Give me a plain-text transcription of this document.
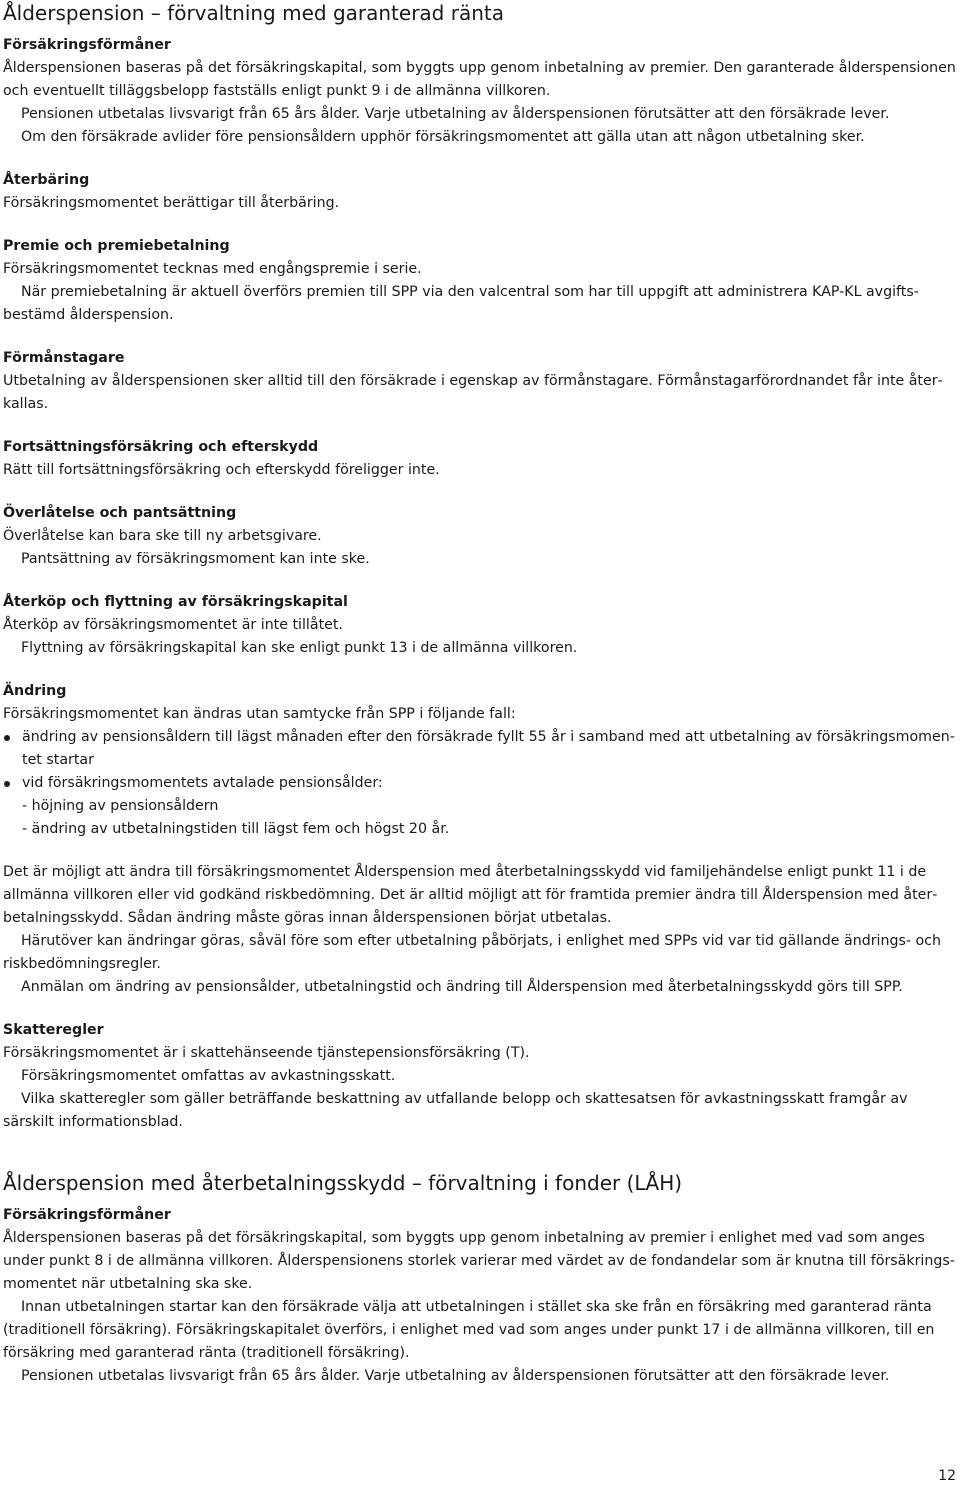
Ålderspension – förvaltning med garanterad ränta
Försäkringsförmåner

Ålderspensionen baseras på det försäkringskapital, som byggts upp genom inbetalning av premier. Den garanterade ålderspensionen och eventuellt tilläggsbelopp fastställs enligt punkt 9 i de allmänna villkoren.

Pensionen utbetalas livsvarigt från 65 års ålder. Varje utbetalning av ålderspensionen förutsätter att den försäkrade lever.

Om den försäkrade avlider före pensionsåldern upphör försäkringsmomentet att gälla utan att någon utbetalning sker.

Återbäring

Försäkringsmomentet berättigar till återbäring.

Premie och premiebetalning

Försäkringsmomentet tecknas med engångspremie i serie.

När premiebetalning är aktuell överförs premien till SPP via den valcentral som har till uppgift att administrera KAP-KL avgiftsbestämd ålderspension.

Förmånstagare

Utbetalning av ålderspensionen sker alltid till den försäkrade i egenskap av förmånstagare. Förmånstagarförordnandet får inte återkallas.

Fortsättningsförsäkring och efterskydd

Rätt till fortsättningsförsäkring och efterskydd föreligger inte.

Överlåtelse och pantsättning

Överlåtelse kan bara ske till ny arbetsgivare.

Pantsättning av försäkringsmoment kan inte ske.

Återköp och flyttning av försäkringskapital

Återköp av försäkringsmomentet är inte tillåtet.

Flyttning av försäkringskapital kan ske enligt punkt 13 i de allmänna villkoren.

Ändring

Försäkringsmomentet kan ändras utan samtycke från SPP i följande fall:

ändring av pensionsåldern till lägst månaden efter den försäkrade fyllt 55 år i samband med att utbetalning av försäkringsmomentet startar
vid försäkringsmomentets avtalade pensionsålder:

- höjning av pensionsåldern

- ändring av utbetalningstiden till lägst fem och högst 20 år.

Det är möjligt att ändra till försäkringsmomentet Ålderspension med återbetalningsskydd vid familjehändelse enligt punkt 11 i de allmänna villkoren eller vid godkänd riskbedömning. Det är alltid möjligt att för framtida premier ändra till Ålderspension med återbetalningsskydd. Sådan ändring måste göras innan ålderspensionen börjat utbetalas.

Härutöver kan ändringar göras, såväl före som efter utbetalning påbörjats, i enlighet med SPPs vid var tid gällande ändrings- och riskbedömningsregler.

Anmälan om ändring av pensionsålder, utbetalningstid och ändring till Ålderspension med återbetalningsskydd görs till SPP.

Skatteregler

Försäkringsmomentet är i skattehänseende tjänstepensionsförsäkring (T).

Försäkringsmomentet omfattas av avkastningsskatt.

Vilka skatteregler som gäller beträffande beskattning av utfallande belopp och skattesatsen för avkastningsskatt framgår av särskilt informationsblad.

Ålderspension med återbetalningsskydd – förvaltning i fonder (LÅH)
Försäkringsförmåner

Ålderspensionen baseras på det försäkringskapital, som byggts upp genom inbetalning av premier i enlighet med vad som anges under punkt 8 i de allmänna villkoren. Ålderspensionens storlek varierar med värdet av de fondandelar som är knutna till försäkringsmomentet när utbetalning ska ske.

Innan utbetalningen startar kan den försäkrade välja att utbetalningen i stället ska ske från en försäkring med garanterad ränta (traditionell försäkring). Försäkringskapitalet överförs, i enlighet med vad som anges under punkt 17 i de allmänna villkoren, till en försäkring med garanterad ränta (traditionell försäkring).

Pensionen utbetalas livsvarigt från 65 års ålder. Varje utbetalning av ålderspensionen förutsätter att den försäkrade lever.

12
